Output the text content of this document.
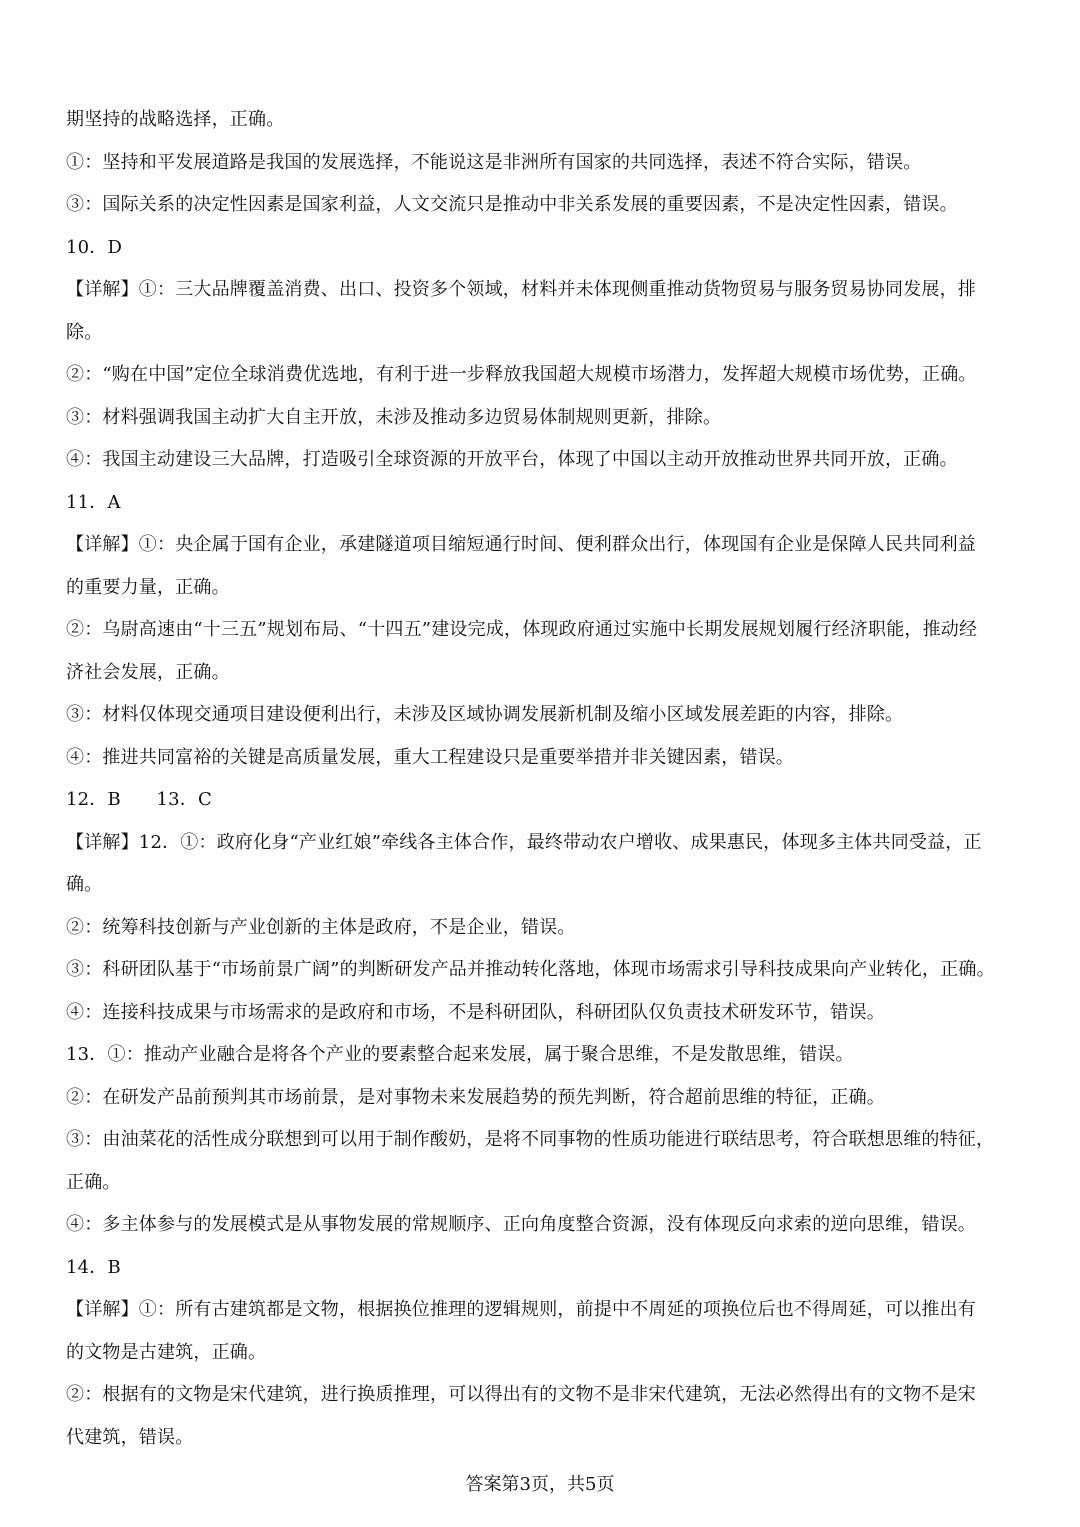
期坚持的战略选择，正确。
①：坚持和平发展道路是我国的发展选择，不能说这是非洲所有国家的共同选择，表述不符合实际，错误。
③：国际关系的决定性因素是国家利益，人文交流只是推动中非关系发展的重要因素，不是决定性因素，错误。
10．D
【详解】①：三大品牌覆盖消费、出口、投资多个领域，材料并未体现侧重推动货物贸易与服务贸易协同发展，排
除。
②：“购在中国”定位全球消费优选地，有利于进一步释放我国超大规模市场潜力，发挥超大规模市场优势，正确。
③：材料强调我国主动扩大自主开放，未涉及推动多边贸易体制规则更新，排除。
④：我国主动建设三大品牌，打造吸引全球资源的开放平台，体现了中国以主动开放推动世界共同开放，正确。
11．A
【详解】①：央企属于国有企业，承建隧道项目缩短通行时间、便利群众出行，体现国有企业是保障人民共同利益
的重要力量，正确。
②：乌尉高速由“十三五”规划布局、“十四五”建设完成，体现政府通过实施中长期发展规划履行经济职能，推动经
济社会发展，正确。
③：材料仅体现交通项目建设便利出行，未涉及区域协调发展新机制及缩小区域发展差距的内容，排除。
④：推进共同富裕的关键是高质量发展，重大工程建设只是重要举措并非关键因素，错误。
12．B      13．C
【详解】12．①：政府化身“产业红娘”牵线各主体合作，最终带动农户增收、成果惠民，体现多主体共同受益，正
确。
②：统筹科技创新与产业创新的主体是政府，不是企业，错误。
③：科研团队基于“市场前景广阔”的判断研发产品并推动转化落地，体现市场需求引导科技成果向产业转化，正确。
④：连接科技成果与市场需求的是政府和市场，不是科研团队，科研团队仅负责技术研发环节，错误。
13．①：推动产业融合是将各个产业的要素整合起来发展，属于聚合思维，不是发散思维，错误。
②：在研发产品前预判其市场前景，是对事物未来发展趋势的预先判断，符合超前思维的特征，正确。
③：由油菜花的活性成分联想到可以用于制作酸奶，是将不同事物的性质功能进行联结思考，符合联想思维的特征，
正确。
④：多主体参与的发展模式是从事物发展的常规顺序、正向角度整合资源，没有体现反向求索的逆向思维，错误。
14．B
【详解】①：所有古建筑都是文物，根据换位推理的逻辑规则，前提中不周延的项换位后也不得周延，可以推出有
的文物是古建筑，正确。
②：根据有的文物是宋代建筑，进行换质推理，可以得出有的文物不是非宋代建筑，无法必然得出有的文物不是宋
代建筑，错误。
答案第3页，共5页
